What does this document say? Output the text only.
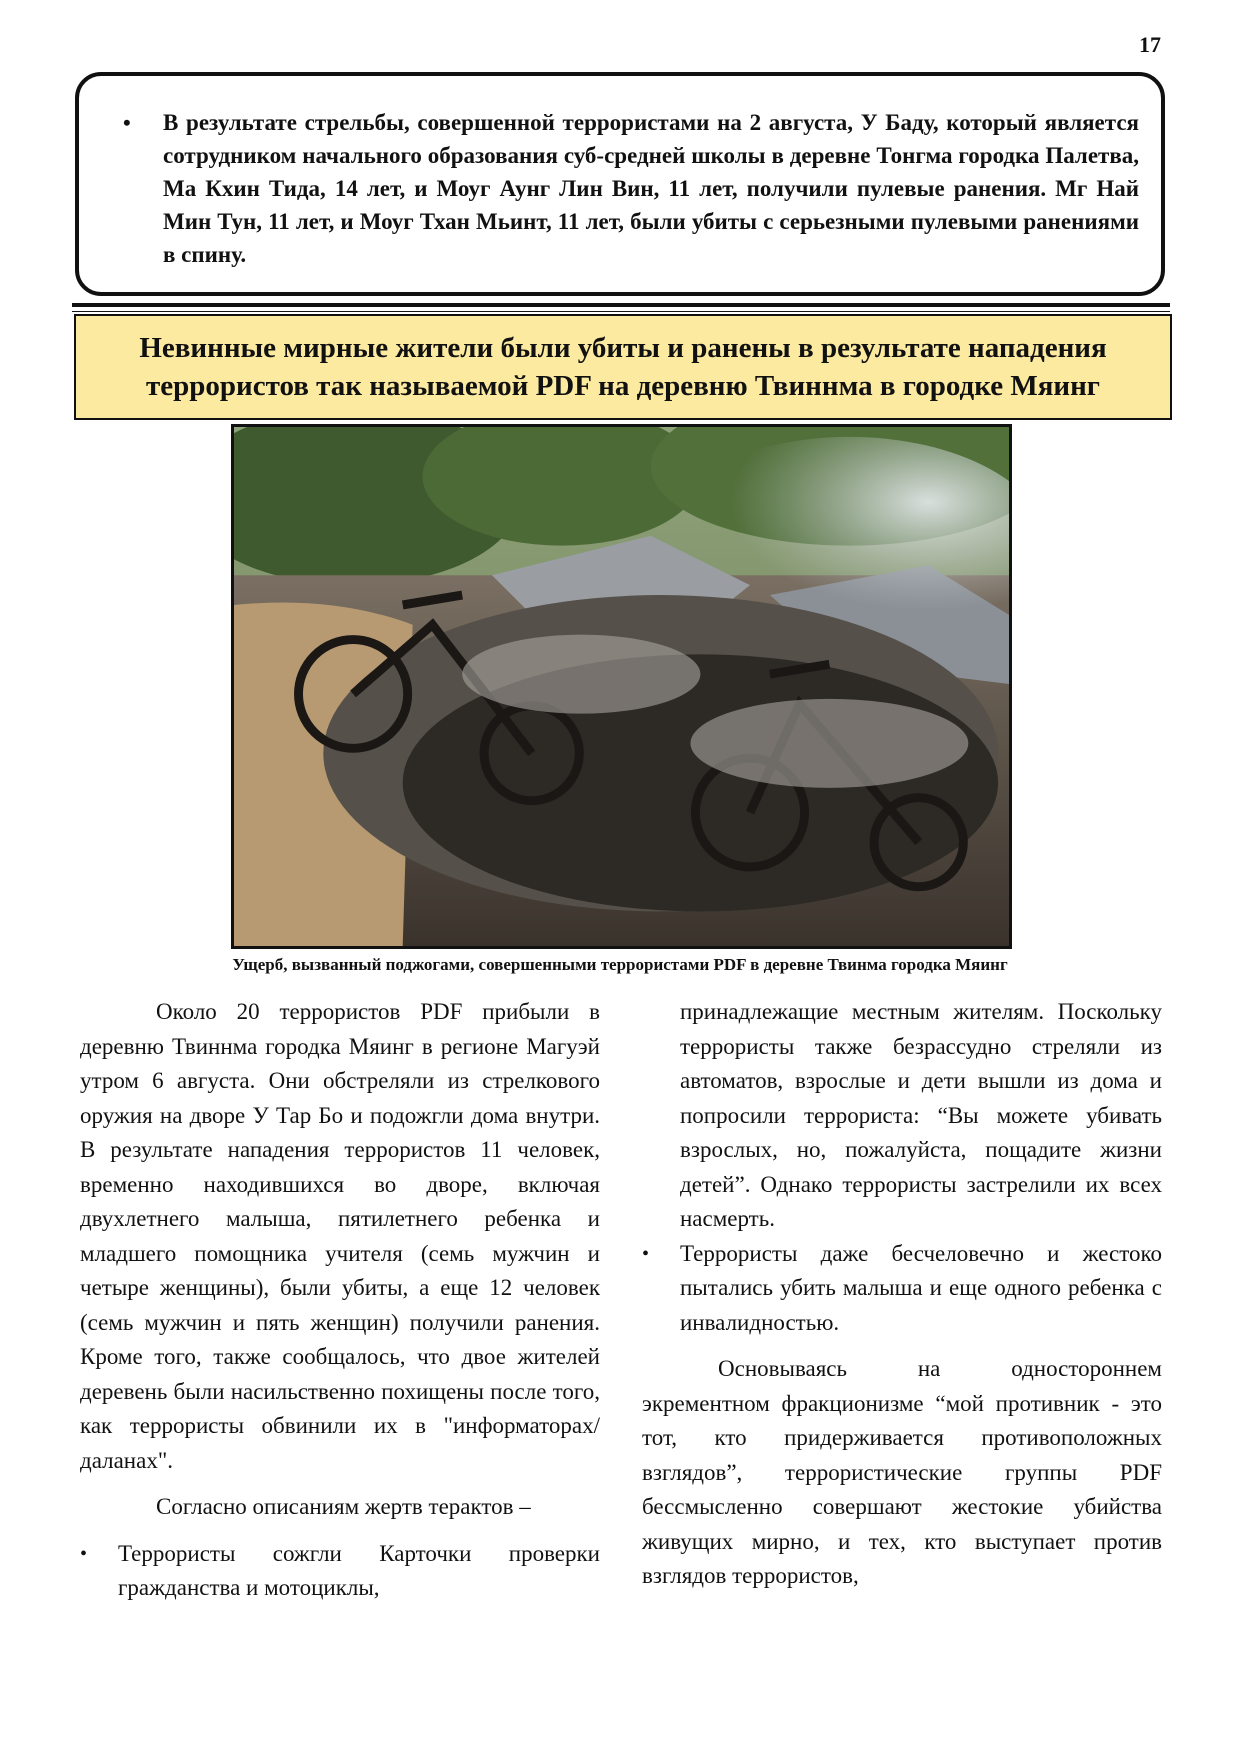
17
• В результате стрельбы, совершенной террористами на 2 августа, У Баду, который является сотрудником начального образования суб-средней школы в деревне Тонгма городка Палетва, Ма Кхин Тида, 14 лет, и Моуг Аунг Лин Вин, 11 лет, получили пулевые ранения. Мг Най Мин Тун, 11 лет, и Моуг Тхан Мьинт, 11 лет, были убиты с серьезными пулевыми ранениями в спину.
Невинные мирные жители были убиты и ранены в результате нападения террористов так называемой PDF на деревню Твиннма в городке Мяинг
Ущерб, вызванный поджогами, совершенными террористами PDF в деревне Твинма городка Мяинг

Около 20 террористов PDF прибыли в деревню Твиннма городка Мяинг в регионе Магуэй утром 6 августа. Они обстреляли из стрелкового оружия на дворе У Тар Бо и подожгли дома внутри. В результате нападения террористов 11 человек, временно находившихся во дворе, включая двухлетнего малыша, пятилетнего ребенка и младшего помощника учителя (семь мужчин и четыре женщины), были убиты, а еще 12 человек (семь мужчин и пять женщин) получили ранения. Кроме того, также сообщалось, что двое жителей деревень были насильственно похищены после того, как террористы обвинили их в "информаторах/даланах".

Согласно описаниям жертв терактов –

• Террористы сожгли Карточки проверки гражданства и мотоциклы,

принадлежащие местным жителям. Поскольку террористы также безрассудно стреляли из автоматов, взрослые и дети вышли из дома и попросили террориста: “Вы можете убивать взрослых, но, пожалуйста, пощадите жизни детей”. Однако террористы застрелили их всех насмерть.

• Террористы даже бесчеловечно и жестоко пытались убить малыша и еще одного ребенка с инвалидностью.

Основываясь на одностороннем экрементном фракционизме “мой противник - это тот, кто придерживается противоположных взглядов”, террористические группы PDF бессмысленно совершают жестокие убийства живущих мирно, и тех, кто выступает против взглядов террористов,
